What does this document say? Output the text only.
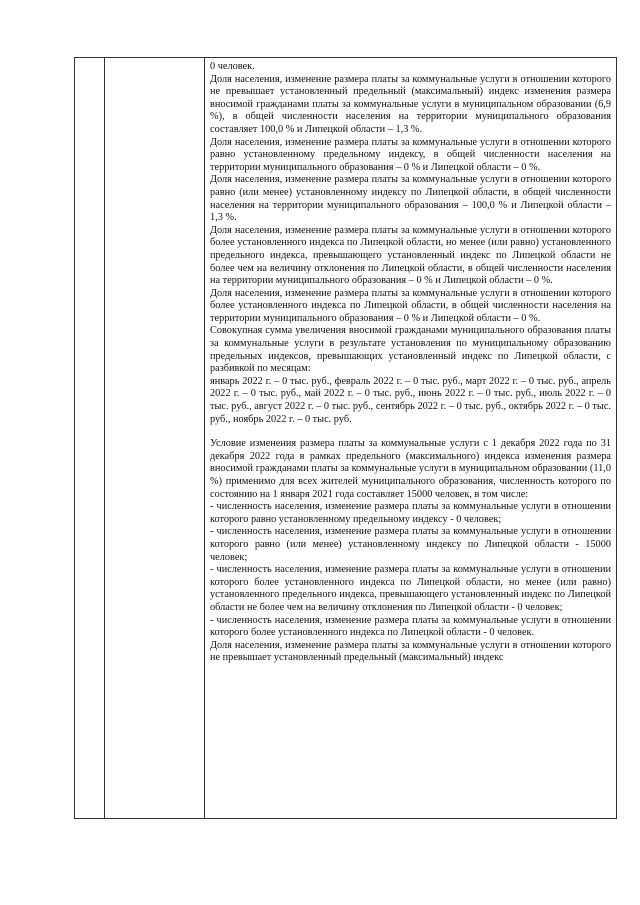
0 человек.

Доля населения, изменение размера платы за коммунальные услуги в отношении которого не превышает установленный предельный (максимальный) индекс изменения размера вносимой гражданами платы за коммунальные услуги в муниципальном образовании (6,9 %), в общей численности населения на территории муниципального образования составляет 100,0 % и Липецкой области – 1,3 %.

Доля населения, изменение размера платы за коммунальные услуги в отношении которого равно установленному предельному индексу, в общей численности населения на территории муниципального образования – 0 % и Липецкой области – 0 %.

Доля населения, изменение размера платы за коммунальные услуги в отношении которого равно (или менее) установленному индексу по Липецкой области, в общей численности населения на территории муниципального образования – 100,0 % и Липецкой области – 1,3 %.

Доля населения, изменение размера платы за коммунальные услуги в отношении которого более установленного индекса по Липецкой области, но менее (или равно) установленного предельного индекса, превышающего установленный индекс по Липецкой области не более чем на величину отклонения по Липецкой области, в общей численности населения на территории муниципального образования – 0 % и Липецкой области – 0 %.

Доля населения, изменение размера платы за коммунальные услуги в отношении которого более установленного индекса по Липецкой области, в общей численности населения на территории муниципального образования – 0 % и Липецкой области – 0 %.

Совокупная сумма увеличения вносимой гражданами муниципального образования платы за коммунальные услуги в результате установления по муниципальному образованию предельных индексов, превышающих установленный индекс по Липецкой области, с разбивкой по месяцам:

январь 2022 г. – 0 тыс. руб., февраль 2022 г. – 0 тыс. руб., март 2022 г. – 0 тыс. руб., апрель 2022 г. – 0 тыс. руб., май 2022 г. – 0 тыс. руб., июнь 2022 г. – 0 тыс. руб., июль 2022 г. – 0 тыс. руб., август 2022 г. – 0 тыс. руб., сентябрь 2022 г. – 0 тыс. руб., октябрь 2022 г. – 0 тыс. руб., ноябрь 2022 г. – 0 тыс. руб.

Условие изменения размера платы за коммунальные услуги с 1 декабря 2022 года по 31 декабря 2022 года в рамках предельного (максимального) индекса изменения размера вносимой гражданами платы за коммунальные услуги в муниципальном образовании (11,0 %) применимо для всех жителей муниципального образования, численность которого по состоянию на 1 января 2021 года составляет 15000 человек, в том числе:

- численность населения, изменение размера платы за коммунальные услуги в отношении которого равно установленному предельному индексу - 0 человек;

- численность населения, изменение размера платы за коммунальные услуги в отношении которого равно (или менее) установленному индексу по Липецкой области - 15000 человек;

- численность населения, изменение размера платы за коммунальные услуги в отношении которого более установленного индекса по Липецкой области, но менее (или равно) установленного предельного индекса, превышающего установленный индекс по Липецкой области не более чем на величину отклонения по Липецкой области - 0 человек;

- численность населения, изменение размера платы за коммунальные услуги в отношении которого более установленного индекса по Липецкой области - 0 человек.

Доля населения, изменение размера платы за коммунальные услуги в отношении которого не превышает установленный предельный (максимальный) индекс
